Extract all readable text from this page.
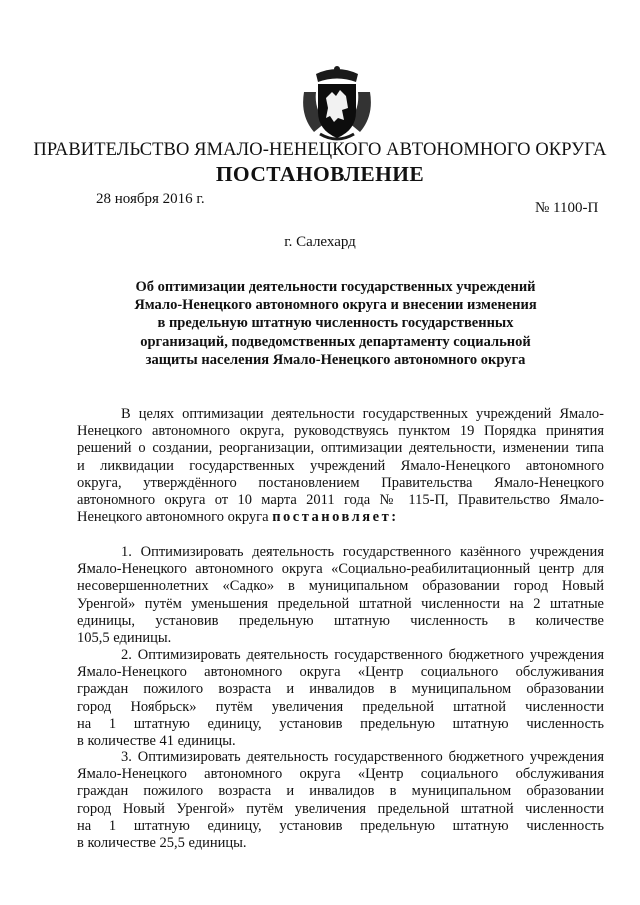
ПРАВИТЕЛЬСТВО ЯМАЛО-НЕНЕЦКОГО АВТОНОМНОГО ОКРУГА
ПОСТАНОВЛЕНИЕ
28 ноября 2016 г.
№ 1100-П
г. Салехард
Об оптимизации деятельности государственных учреждений
Ямало-Ненецкого автономного округа и внесении изменения
в предельную штатную численность государственных
организаций, подведомственных департаменту социальной
защиты населения Ямало-Ненецкого автономного округа
В целях оптимизации деятельности государственных учреждений Ямало-
Ненецкого автономного округа, руководствуясь пунктом 19 Порядка принятия
решений о создании, реорганизации, оптимизации деятельности, изменении типа
и ликвидации государственных учреждений Ямало-Ненецкого автономного
округа, утверждённого постановлением Правительства Ямало-Ненецкого
автономного округа от 10 марта 2011 года № 115-П, Правительство Ямало-
Ненецкого автономного округа постановляет:
1. Оптимизировать деятельность государственного казённого учреждения
Ямало-Ненецкого автономного округа «Социально-реабилитационный центр для
несовершеннолетних «Садко» в муниципальном образовании город Новый
Уренгой» путём уменьшения предельной штатной численности на 2 штатные
единицы, установив предельную штатную численность в количестве
105,5 единицы.
2. Оптимизировать деятельность государственного бюджетного учреждения
Ямало-Ненецкого автономного округа «Центр социального обслуживания
граждан пожилого возраста и инвалидов в муниципальном образовании
город Ноябрьск» путём увеличения предельной штатной численности
на 1 штатную единицу, установив предельную штатную численность
в количестве 41 единицы.
3. Оптимизировать деятельность государственного бюджетного учреждения
Ямало-Ненецкого автономного округа «Центр социального обслуживания
граждан пожилого возраста и инвалидов в муниципальном образовании
город Новый Уренгой» путём увеличения предельной штатной численности
на 1 штатную единицу, установив предельную штатную численность
в количестве 25,5 единицы.
